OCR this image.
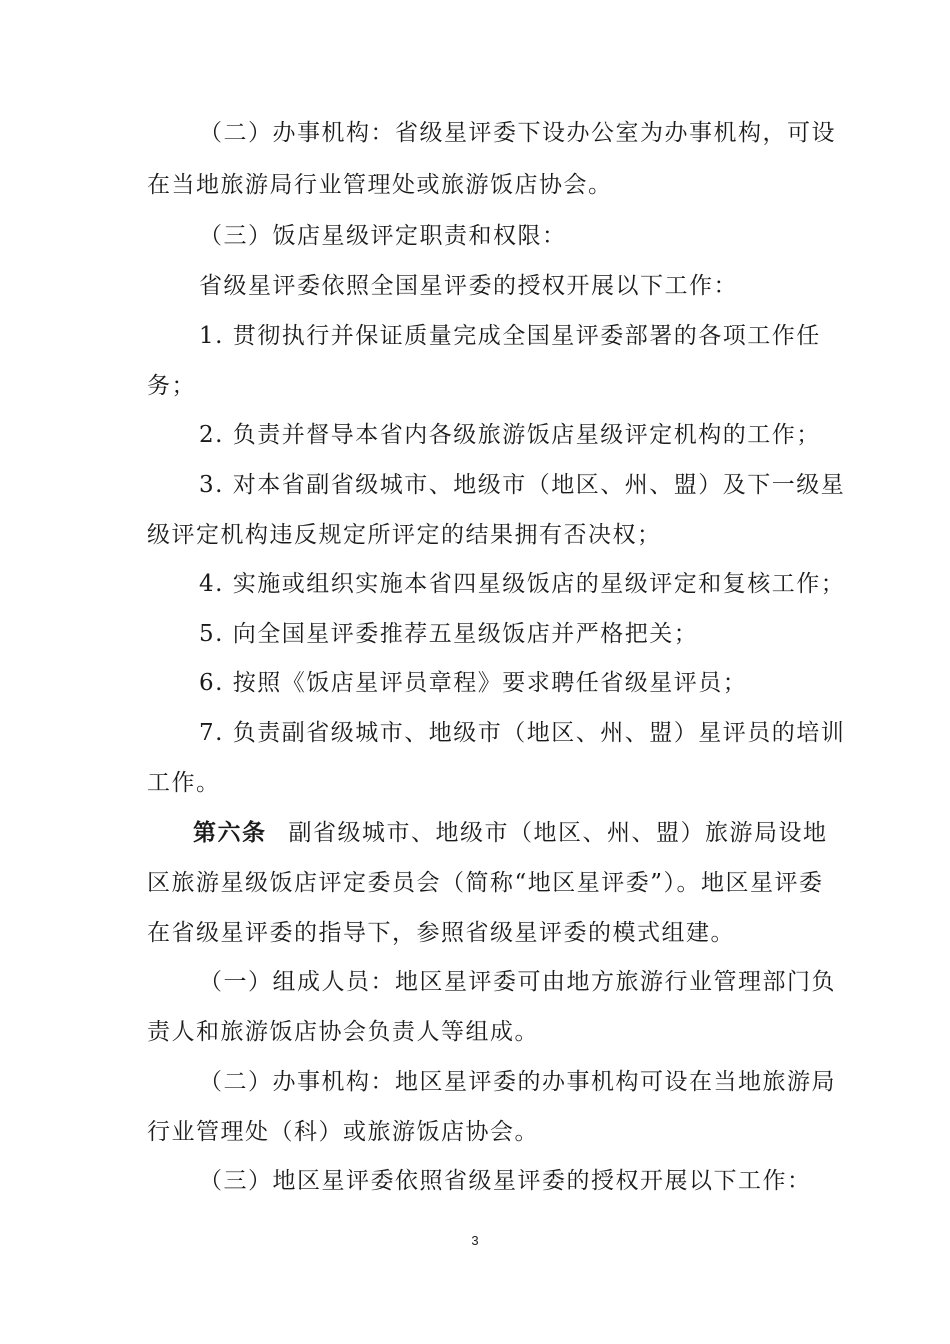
（二）办事机构：省级星评委下设办公室为办事机构，可设
在当地旅游局行业管理处或旅游饭店协会。
（三）饭店星级评定职责和权限：
省级星评委依照全国星评委的授权开展以下工作：
1. 贯彻执行并保证质量完成全国星评委部署的各项工作任
务；
2. 负责并督导本省内各级旅游饭店星级评定机构的工作；
3. 对本省副省级城市、地级市（地区、州、盟）及下一级星
级评定机构违反规定所评定的结果拥有否决权；
4. 实施或组织实施本省四星级饭店的星级评定和复核工作；
5. 向全国星评委推荐五星级饭店并严格把关；
6. 按照《饭店星评员章程》要求聘任省级星评员；
7. 负责副省级城市、地级市（地区、州、盟）星评员的培训
工作。
第六条 副省级城市、地级市（地区、州、盟）旅游局设地
区旅游星级饭店评定委员会（简称“地区星评委”）。地区星评委
在省级星评委的指导下，参照省级星评委的模式组建。
（一）组成人员：地区星评委可由地方旅游行业管理部门负
责人和旅游饭店协会负责人等组成。
（二）办事机构：地区星评委的办事机构可设在当地旅游局
行业管理处（科）或旅游饭店协会。
（三）地区星评委依照省级星评委的授权开展以下工作：
3
